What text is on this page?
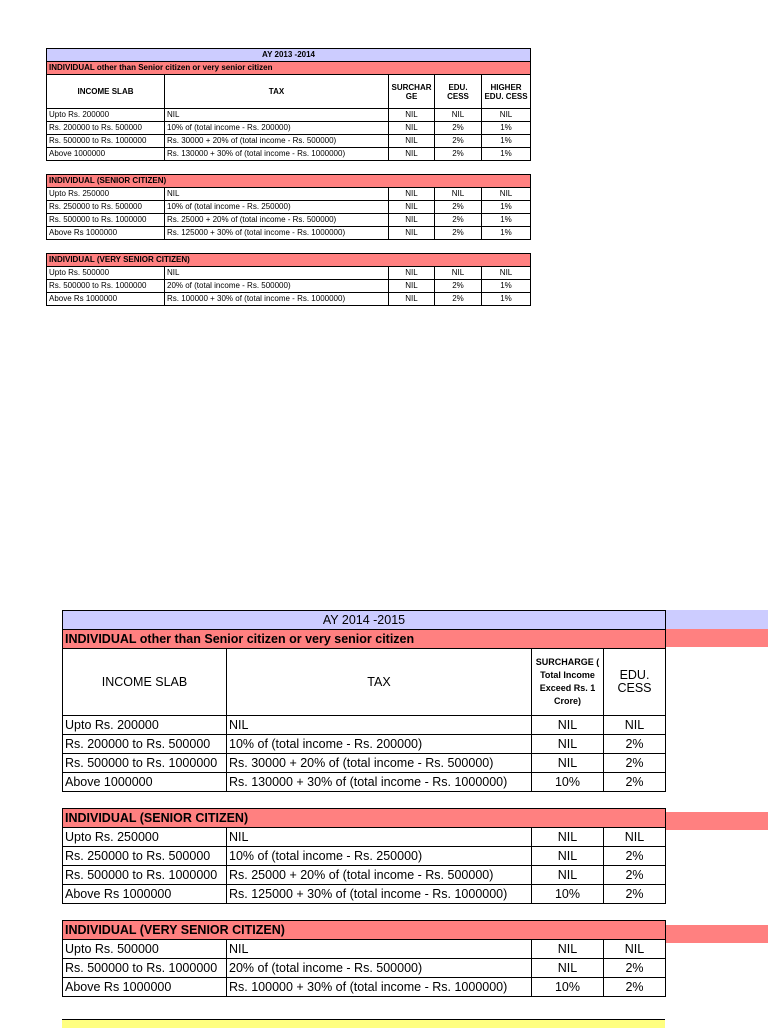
AY 2013 -2014				
INDIVIDUAL other than Senior citizen or very senior citizen				
INCOME SLAB	TAX	SURCHAR GE	EDU. CESS	HIGHER EDU. CESS
Upto Rs. 200000	NIL	NIL	NIL	NIL
Rs. 200000 to Rs. 500000	10% of (total income - Rs. 200000)	NIL	2%	1%
Rs. 500000 to Rs. 1000000	Rs. 30000 + 20% of (total income - Rs. 500000)	NIL	2%	1%
Above 1000000	Rs. 130000 + 30% of (total income - Rs. 1000000)	NIL	2%	1%

INDIVIDUAL (SENIOR CITIZEN)				
Upto Rs. 250000	NIL	NIL	NIL	NIL
Rs. 250000 to Rs. 500000	10% of (total income - Rs. 250000)	NIL	2%	1%
Rs. 500000 to Rs. 1000000	Rs. 25000 + 20% of (total income - Rs. 500000)	NIL	2%	1%
Above Rs 1000000	Rs. 125000 + 30% of (total income - Rs. 1000000)	NIL	2%	1%

INDIVIDUAL (VERY SENIOR CITIZEN)				
Upto Rs. 500000	NIL	NIL	NIL	NIL
Rs. 500000 to Rs. 1000000	20% of (total income - Rs. 500000)	NIL	2%	1%
Above Rs 1000000	Rs. 100000 + 30% of (total income - Rs. 1000000)	NIL	2%	1%
AY 2014 -2015			
INDIVIDUAL other than Senior citizen or very senior citizen			
INCOME SLAB	TAX	SURCHARGE ( Total Income Exceed Rs. 1 Crore)	EDU. CESS
Upto Rs. 200000	NIL	NIL	NIL
Rs. 200000 to Rs. 500000	10% of (total income - Rs. 200000)	NIL	2%
Rs. 500000 to Rs. 1000000	Rs. 30000 + 20% of (total income - Rs. 500000)	NIL	2%
Above 1000000	Rs. 130000 + 30% of (total income - Rs. 1000000)	10%	2%

INDIVIDUAL (SENIOR CITIZEN)			
Upto Rs. 250000	NIL	NIL	NIL
Rs. 250000 to Rs. 500000	10% of (total income - Rs. 250000)	NIL	2%
Rs. 500000 to Rs. 1000000	Rs. 25000 + 20% of (total income - Rs. 500000)	NIL	2%
Above Rs 1000000	Rs. 125000 + 30% of (total income - Rs. 1000000)	10%	2%

INDIVIDUAL (VERY SENIOR CITIZEN)			
Upto Rs. 500000	NIL	NIL	NIL
Rs. 500000 to Rs. 1000000	20% of (total income - Rs. 500000)	NIL	2%
Above Rs 1000000	Rs. 100000 + 30% of (total income - Rs. 1000000)	10%	2%
